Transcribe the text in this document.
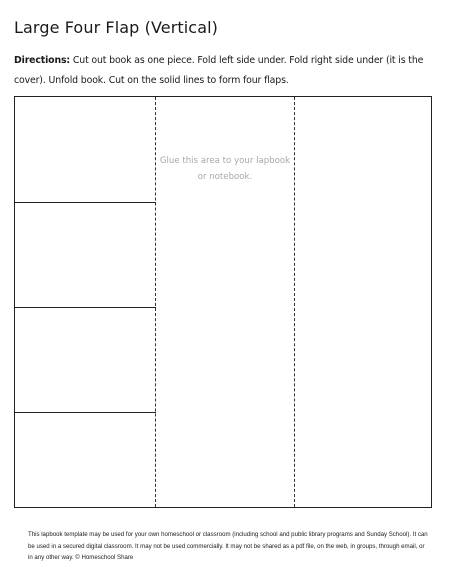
Large Four Flap (Vertical)
Directions: Cut out book as one piece. Fold left side under. Fold right side under (it is the cover). Unfold book. Cut on the solid lines to form four flaps.
Glue this area to your lapbook or notebook.
This lapbook template may be used for your own homeschool or classroom (including school and public library programs and Sunday School). It can be used in a secured digital classroom. It may not be used commercially. It may not be shared as a pdf file, on the web, in groups, through email, or in any other way. © Homeschool Share
